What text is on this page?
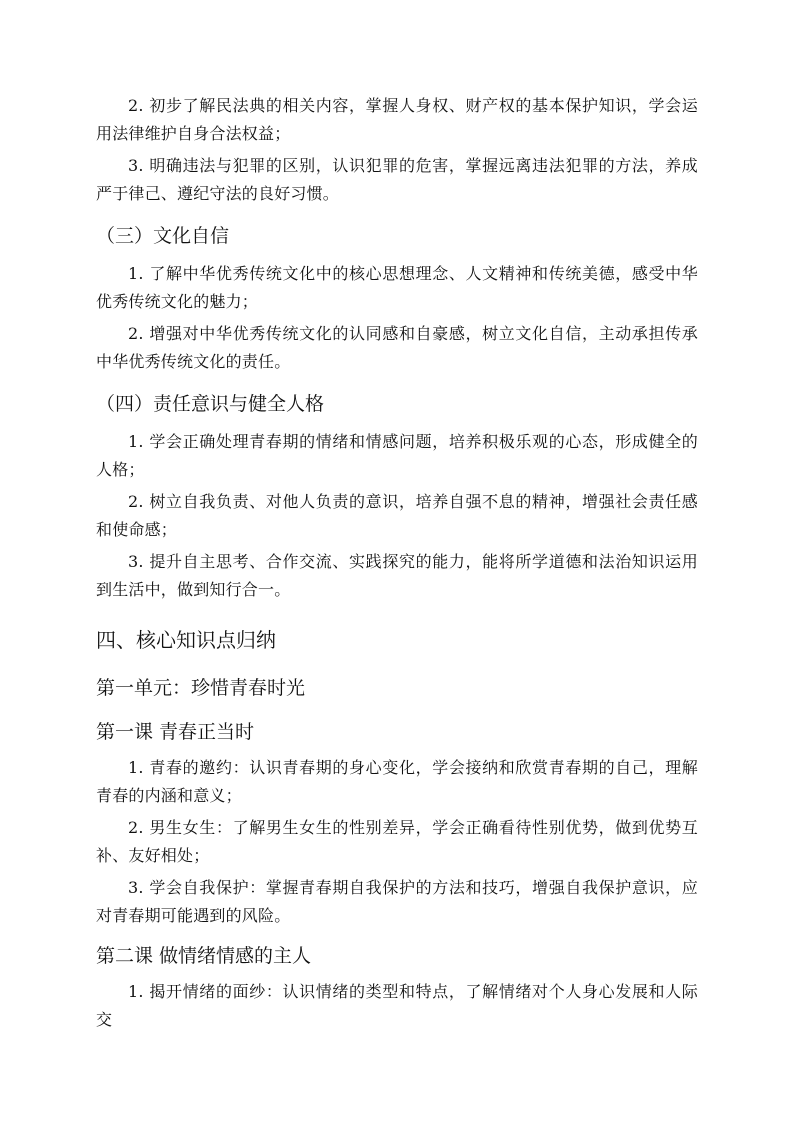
2. 初步了解民法典的相关内容，掌握人身权、财产权的基本保护知识，学会运用法律维护自身合法权益；

3. 明确违法与犯罪的区别，认识犯罪的危害，掌握远离违法犯罪的方法，养成严于律己、遵纪守法的良好习惯。

（三）文化自信

1. 了解中华优秀传统文化中的核心思想理念、人文精神和传统美德，感受中华优秀传统文化的魅力；

2. 增强对中华优秀传统文化的认同感和自豪感，树立文化自信，主动承担传承中华优秀传统文化的责任。

（四）责任意识与健全人格

1. 学会正确处理青春期的情绪和情感问题，培养积极乐观的心态，形成健全的人格；

2. 树立自我负责、对他人负责的意识，培养自强不息的精神，增强社会责任感和使命感；

3. 提升自主思考、合作交流、实践探究的能力，能将所学道德和法治知识运用到生活中，做到知行合一。

四、核心知识点归纳
第一单元：珍惜青春时光
第一课 青春正当时

1. 青春的邀约：认识青春期的身心变化，学会接纳和欣赏青春期的自己，理解青春的内涵和意义；

2. 男生女生：了解男生女生的性别差异，学会正确看待性别优势，做到优势互补、友好相处；

3. 学会自我保护：掌握青春期自我保护的方法和技巧，增强自我保护意识，应对青春期可能遇到的风险。

第二课 做情绪情感的主人

1. 揭开情绪的面纱：认识情绪的类型和特点，了解情绪对个人身心发展和人际交
